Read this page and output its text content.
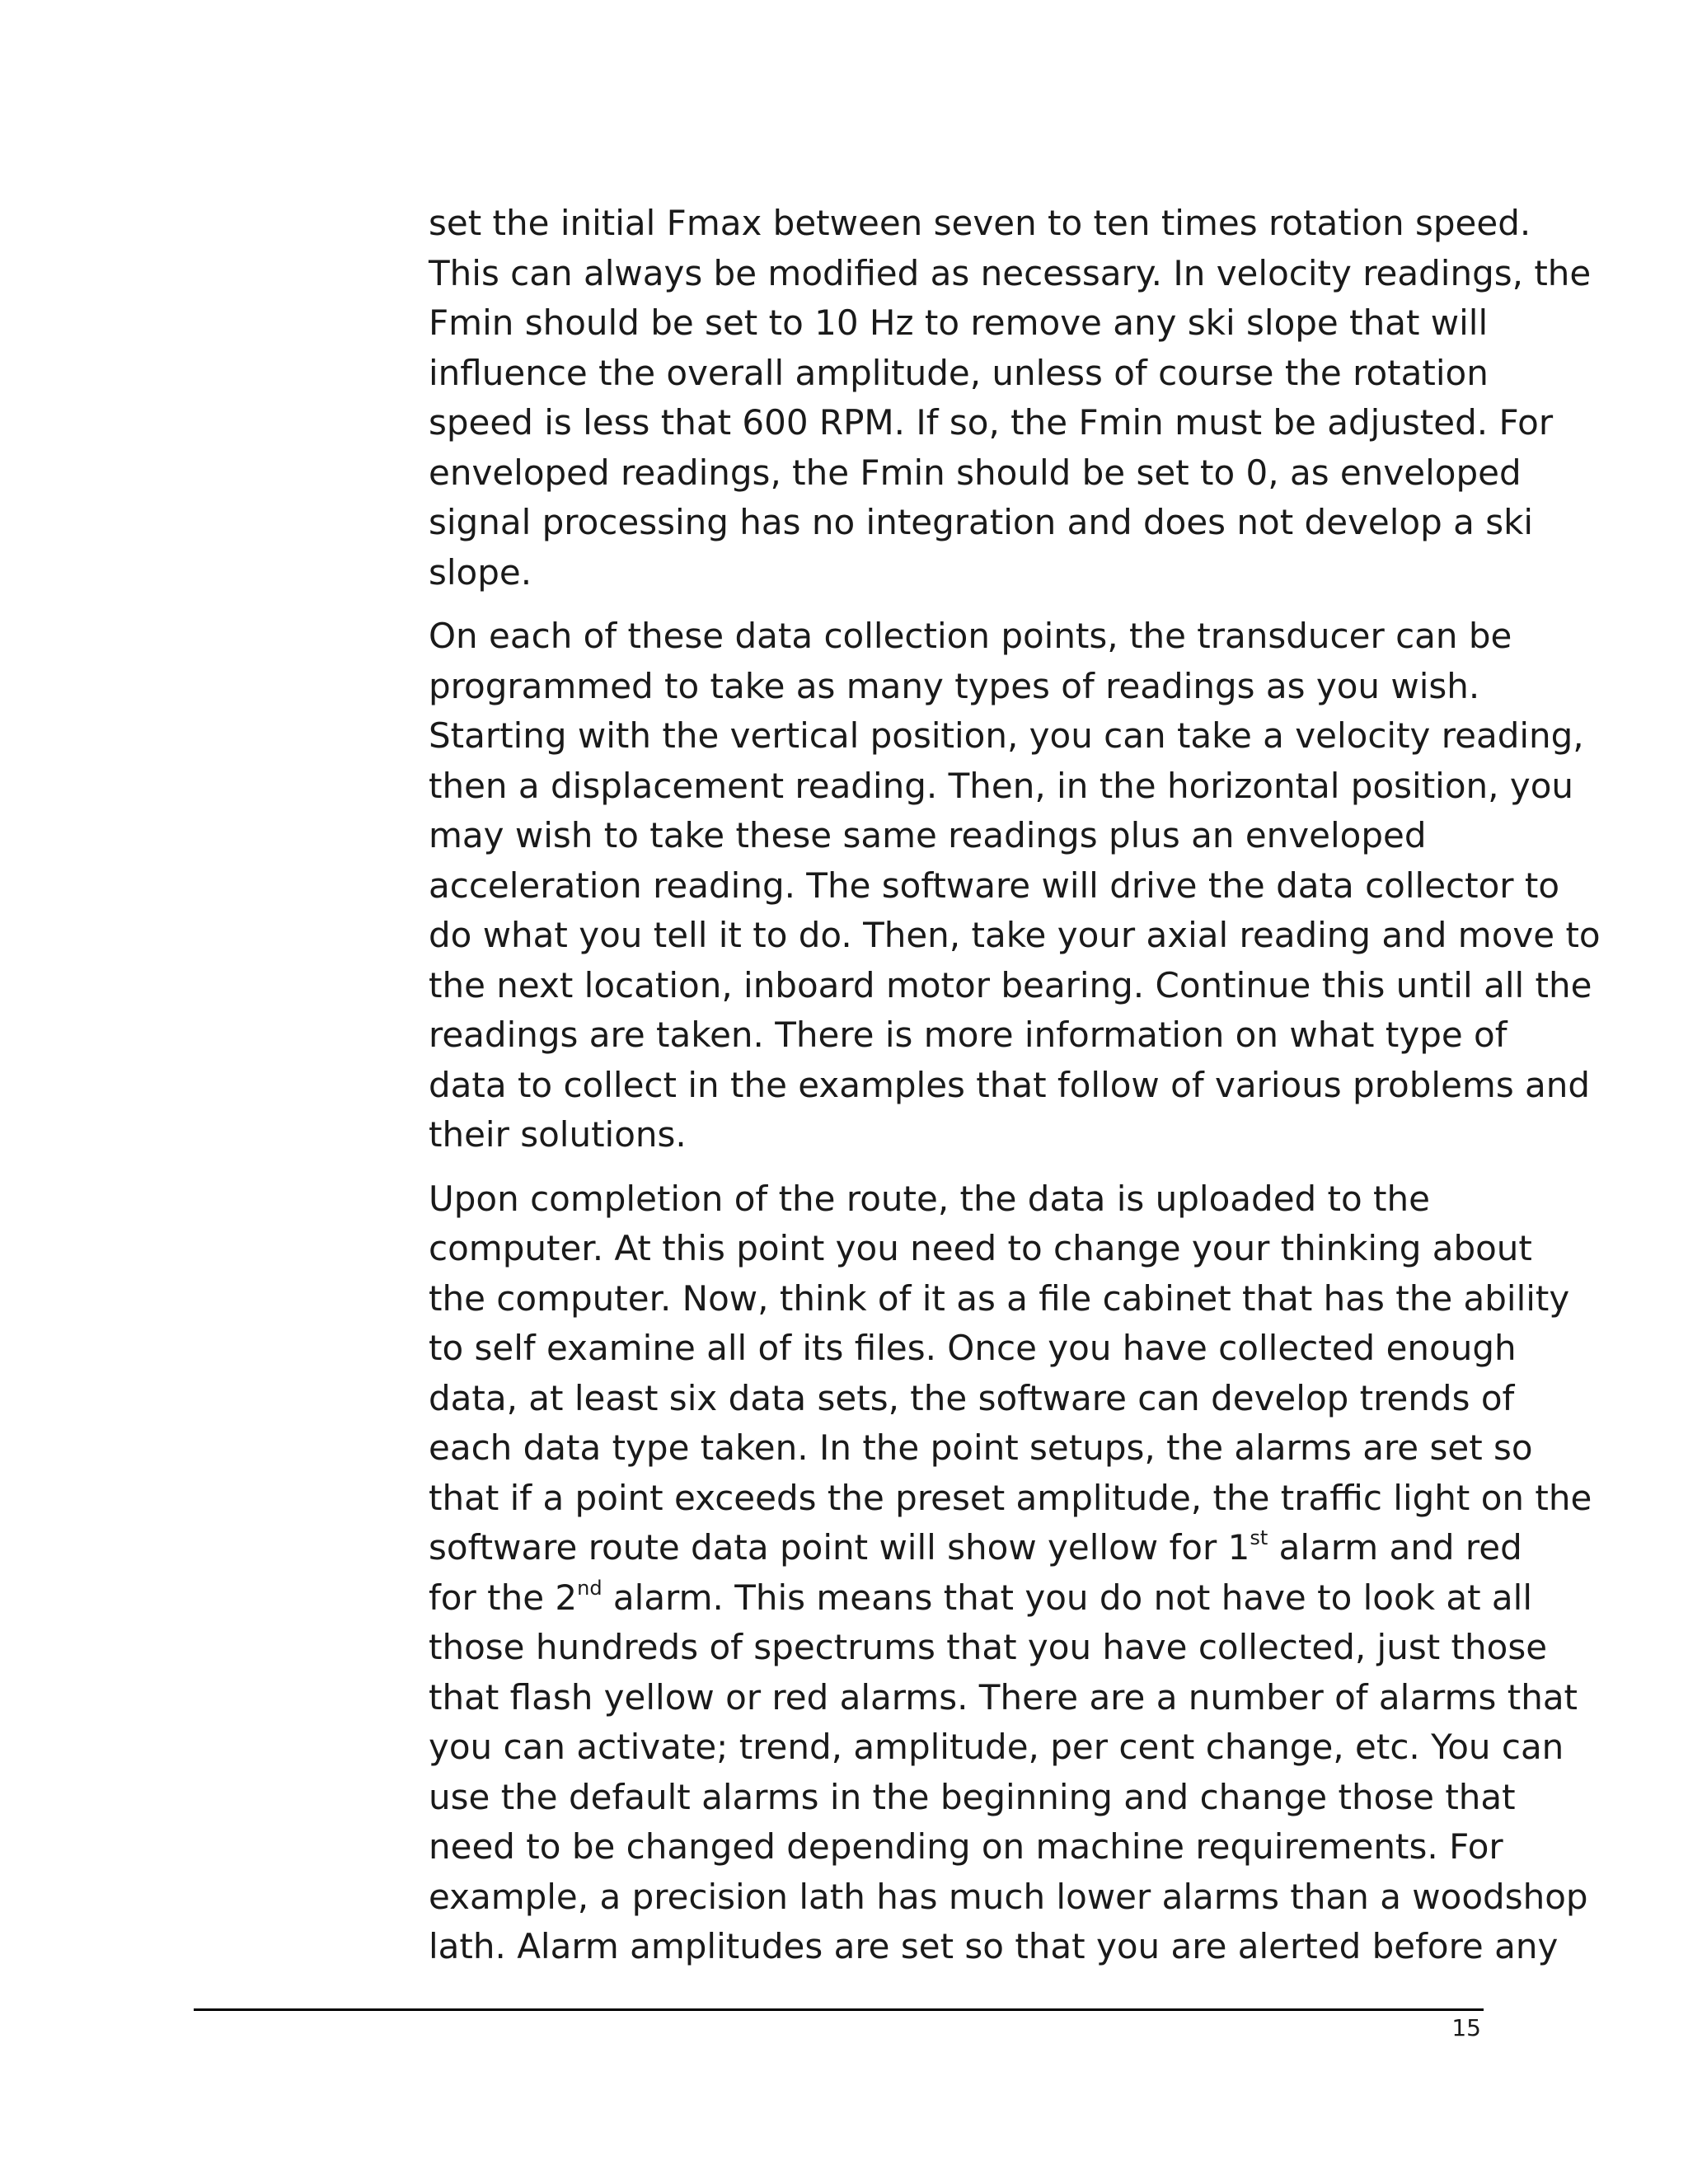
set the initial Fmax between seven to ten times rotation speed.
This can always be modified as necessary. In velocity readings, the
Fmin should be set to 10 Hz to remove any ski slope that will
influence the overall amplitude, unless of course the rotation
speed is less that 600 RPM. If so, the Fmin must be adjusted. For
enveloped readings, the Fmin should be set to 0, as enveloped
signal processing has no integration and does not develop a ski
slope.

On each of these data collection points, the transducer can be
programmed to take as many types of readings as you wish.
Starting with the vertical position, you can take a velocity reading,
then a displacement reading. Then, in the horizontal position, you
may wish to take these same readings plus an enveloped
acceleration reading. The software will drive the data collector to
do what you tell it to do. Then, take your axial reading and move to
the next location, inboard motor bearing. Continue this until all the
readings are taken. There is more information on what type of
data to collect in the examples that follow of various problems and
their solutions.

Upon completion of the route, the data is uploaded to the
computer. At this point you need to change your thinking about
the computer. Now, think of it as a file cabinet that has the ability
to self examine all of its files. Once you have collected enough
data, at least six data sets, the software can develop trends of
each data type taken. In the point setups, the alarms are set so
that if a point exceeds the preset amplitude, the traffic light on the
software route data point will show yellow for 1st alarm and red
for the 2nd alarm. This means that you do not have to look at all
those hundreds of spectrums that you have collected, just those
that flash yellow or red alarms. There are a number of alarms that
you can activate; trend, amplitude, per cent change, etc. You can
use the default alarms in the beginning and change those that
need to be changed depending on machine requirements. For
example, a precision lath has much lower alarms than a woodshop
lath. Alarm amplitudes are set so that you are alerted before any

15
